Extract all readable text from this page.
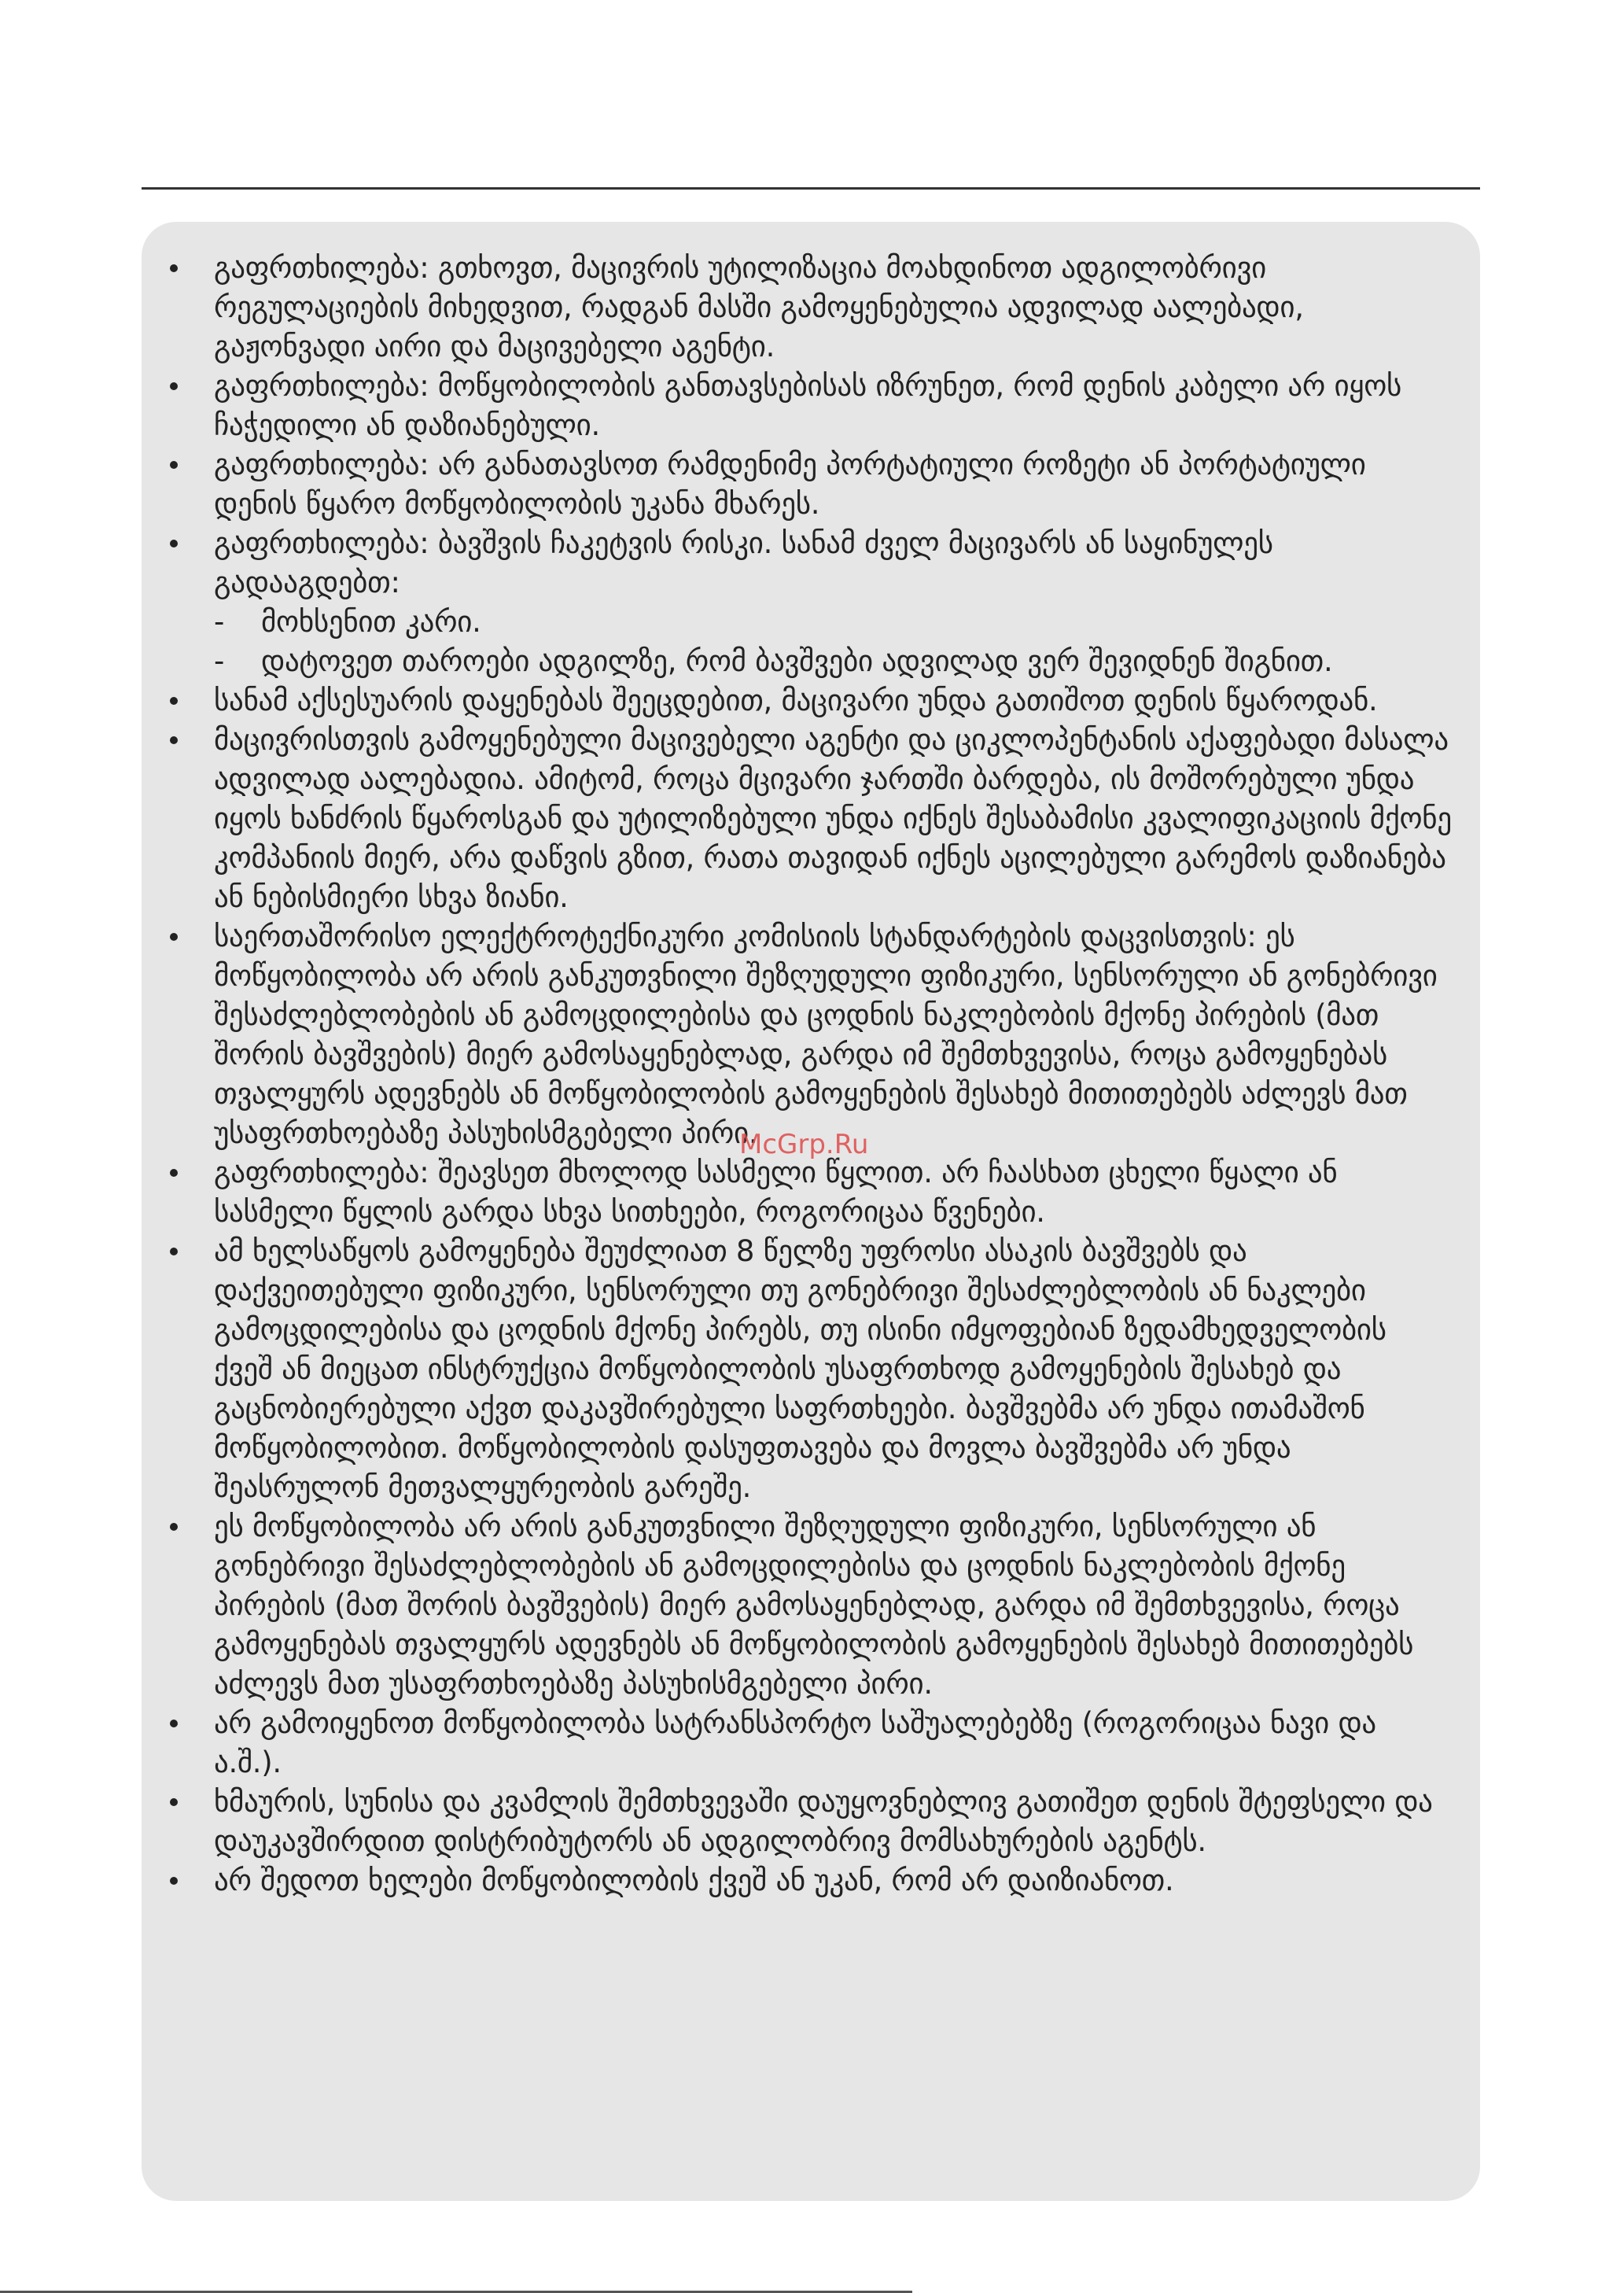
გაფრთხილება: გთხოვთ, მაცივრის უტილიზაცია მოახდინოთ ადგილობრივი რეგულაციების მიხედვით, რადგან მასში გამოყენებულია ადვილად აალებადი, გაჟონვადი აირი და მაცივებელი აგენტი.
გაფრთხილება: მოწყობილობის განთავსებისას იზრუნეთ, რომ დენის კაბელი არ იყოს ჩაჭედილი ან დაზიანებული.
გაფრთხილება: არ განათავსოთ რამდენიმე პორტატიული როზეტი ან პორტატიული დენის წყარო მოწყობილობის უკანა მხარეს.
გაფრთხილება: ბავშვის ჩაკეტვის რისკი. სანამ ძველ მაცივარს ან საყინულეს გადააგდებთ:
-	მოხსენით კარი.
-	დატოვეთ თაროები ადგილზე, რომ ბავშვები ადვილად ვერ შევიდნენ შიგნით.
სანამ აქსესუარის დაყენებას შეეცდებით, მაცივარი უნდა გათიშოთ დენის წყაროდან.
მაცივრისთვის გამოყენებული მაცივებელი აგენტი და ციკლოპენტანის აქაფებადი მასალა ადვილად აალებადია. ამიტომ, როცა მცივარი ჯართში ბარდება, ის მოშორებული უნდა იყოს ხანძრის წყაროსგან და უტილიზებული უნდა იქნეს შესაბამისი კვალიფიკაციის მქონე კომპანიის მიერ, არა დაწვის გზით, რათა თავიდან იქნეს აცილებული გარემოს დაზიანება ან ნებისმიერი სხვა ზიანი.
საერთაშორისო ელექტროტექნიკური კომისიის სტანდარტების დაცვისთვის: ეს მოწყობილობა არ არის განკუთვნილი შეზღუდული ფიზიკური, სენსორული ან გონებრივი შესაძლებლობების ან გამოცდილებისა და ცოდნის ნაკლებობის მქონე პირების (მათ შორის ბავშვების) მიერ გამოსაყენებლად, გარდა იმ შემთხვევისა, როცა გამოყენებას თვალყურს ადევნებს ან მოწყობილობის გამოყენების შესახებ მითითებებს აძლევს მათ უსაფრთხოებაზე პასუხისმგებელი პირი.
გაფრთხილება: შეავსეთ მხოლოდ სასმელი წყლით. არ ჩაასხათ ცხელი წყალი ან სასმელი წყლის გარდა სხვა სითხეები, როგორიცაა წვენები.
ამ ხელსაწყოს გამოყენება შეუძლიათ 8 წელზე უფროსი ასაკის ბავშვებს და დაქვეითებული ფიზიკური, სენსორული თუ გონებრივი შესაძლებლობის ან ნაკლები გამოცდილებისა და ცოდნის მქონე პირებს, თუ ისინი იმყოფებიან ზედამხედველობის ქვეშ ან მიეცათ ინსტრუქცია მოწყობილობის უსაფრთხოდ გამოყენების შესახებ და გაცნობიერებული აქვთ დაკავშირებული საფრთხეები. ბავშვებმა არ უნდა ითამაშონ მოწყობილობით. მოწყობილობის დასუფთავება და მოვლა ბავშვებმა არ უნდა შეასრულონ მეთვალყურეობის გარეშე.
ეს მოწყობილობა არ არის განკუთვნილი შეზღუდული ფიზიკური, სენსორული ან გონებრივი შესაძლებლობების ან გამოცდილებისა და ცოდნის ნაკლებობის მქონე პირების (მათ შორის ბავშვების) მიერ გამოსაყენებლად, გარდა იმ შემთხვევისა, როცა გამოყენებას თვალყურს ადევნებს ან მოწყობილობის გამოყენების შესახებ მითითებებს აძლევს მათ უსაფრთხოებაზე პასუხისმგებელი პირი.
არ გამოიყენოთ მოწყობილობა სატრანსპორტო საშუალებებზე (როგორიცაა ნავი და ა.შ.).
ხმაურის, სუნისა და კვამლის შემთხვევაში დაუყოვნებლივ გათიშეთ დენის შტეფსელი და დაუკავშირდით დისტრიბუტორს ან ადგილობრივ მომსახურების აგენტს.
არ შედოთ ხელები მოწყობილობის ქვეშ ან უკან, რომ არ დაიზიანოთ.
McGrp.Ru
